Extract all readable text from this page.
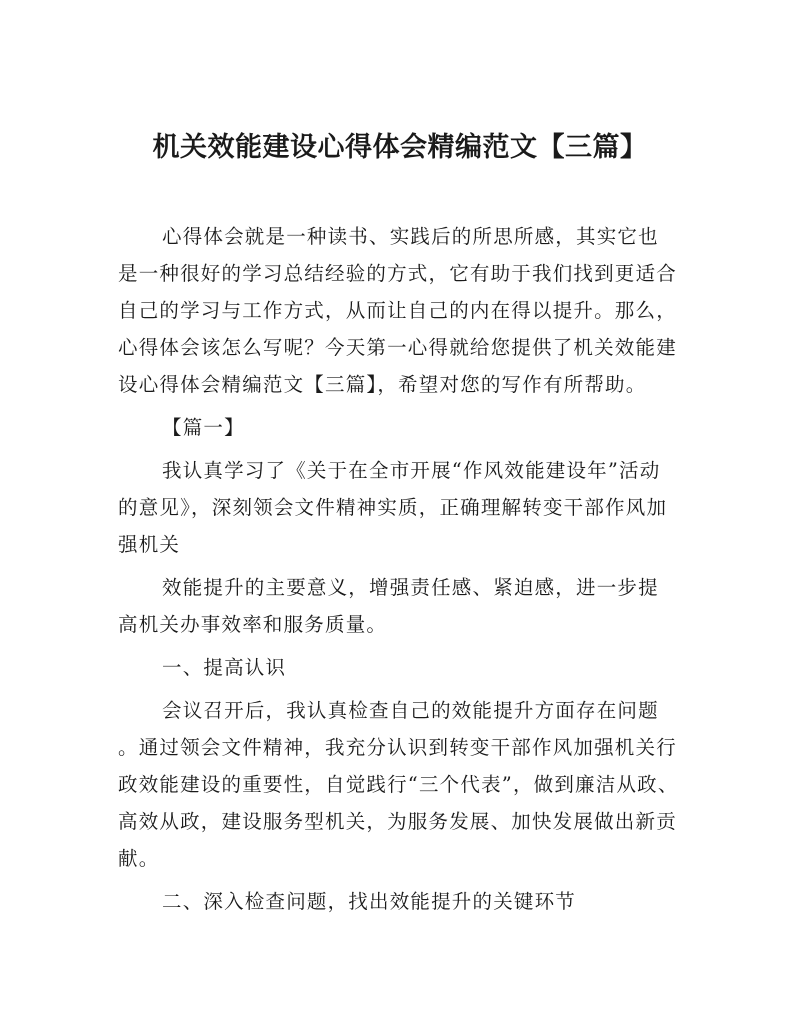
机关效能建设心得体会精编范文【三篇】

心得体会就是一种读书、实践后的所思所感，其实它也

是一种很好的学习总结经验的方式，它有助于我们找到更适合

自己的学习与工作方式，从而让自己的内在得以提升。那么，

心得体会该怎么写呢？今天第一心得就给您提供了机关效能建

设心得体会精编范文【三篇】，希望对您的写作有所帮助。

【篇一】

我认真学习了《关于在全市开展“作风效能建设年”活动

的意见》，深刻领会文件精神实质，正确理解转变干部作风加

强机关

效能提升的主要意义，增强责任感、紧迫感，进一步提

高机关办事效率和服务质量。

一、提高认识

会议召开后，我认真检查自己的效能提升方面存在问题

。通过领会文件精神，我充分认识到转变干部作风加强机关行

政效能建设的重要性，自觉践行“三个代表”，做到廉洁从政、

高效从政，建设服务型机关，为服务发展、加快发展做出新贡

献。

二、深入检查问题，找出效能提升的关键环节
